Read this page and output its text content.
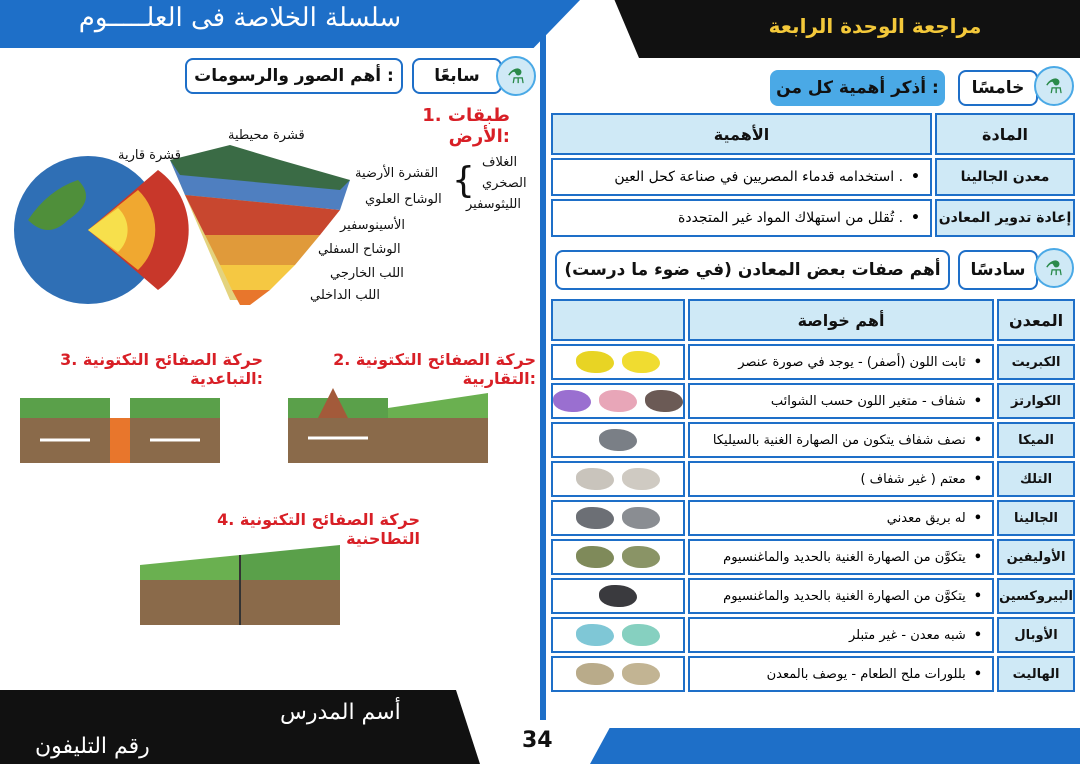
سلسلة الخلاصة فى العلـــــوم	مراجعة الوحدة الرابعة
أهم الصور والرسومات :	سابعًا	⚗
1. طبقات الأرض:
قشرة محيطية
قشرة قارية
القشرة الأرضية
الوشاح العلوي { الغلاف
الصخري
الليثوسفير
الأسينوسفير
الوشاح السفلي
اللب الخارجي
اللب الداخلي
2. حركة الصفائح التكتونية التقاربية:
3. حركة الصفائح التكتونية التباعدية:
4. حركة الصفائح التكتونية التطاحنية
أذكر أهمية كل من :	خامسًا	⚗
الأهمية	المادة
استخدامه قدماء المصريين في صناعة كحل العين . •	معدن الجالينا
تُقلل من استهلاك المواد غير المتجددة . •	إعادة تدوير المعادن
أهم صفات بعض المعادن (في ضوء ما درست)	سادسًا ⚗
	أهم خواصة	المعدن

	ثابت اللون (أصفر) - يوجد في صورة عنصر •	الكبريت

	شفاف - متغير اللون حسب الشوائب •	الكوارتز

	نصف شفاف يتكون من الصهارة الغنية بالسيليكا •	الميكا

	معتم ( غير شفاف ) •	التلك

	له بريق معدني •	الجالينا

	يتكوَّن من الصهارة الغنية بالحديد والماغنسيوم •	الأوليفين

	يتكوَّن من الصهارة الغنية بالحديد والماغنسيوم •	البيروكسين

	شبه معدن - غير متبلر •	الأوبال

	بللورات ملح الطعام - يوصف بالمعدن •	الهاليت
أسم المدرس
رقم التليفون	34
